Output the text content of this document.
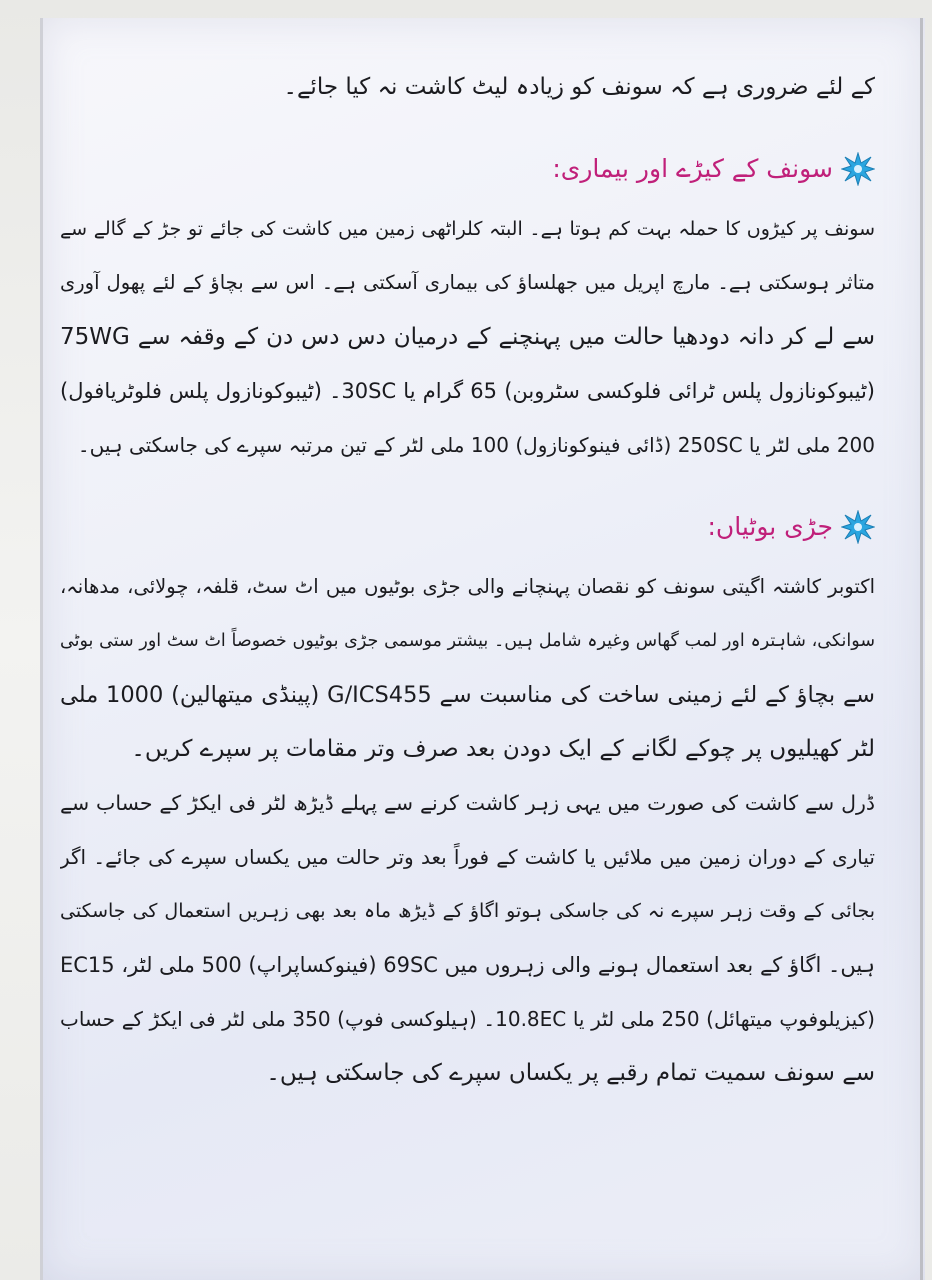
کے لئے ضروری ہے کہ سونف کو زیادہ لیٹ کاشت نہ کیا جائے۔
سونف کے کیڑے اور بیماری:
سونف پر کیڑوں کا حملہ بہت کم ہوتا ہے۔ البتہ کلراٹھی زمین میں کاشت کی جائے تو جڑ کے گالے سے
متاثر ہوسکتی ہے۔ مارچ اپریل میں جھلساؤ کی بیماری آسکتی ہے۔ اس سے بچاؤ کے لئے پھول آوری
سے لے کر دانہ دودھیا حالت میں پہنچنے کے درمیان دس دس دن کے وقفہ سے 75WG
(ٹیبوکونازول پلس ٹرائی فلوکسی سٹروبن) 65 گرام یا 30SC۔ (ٹیبوکونازول پلس فلوٹریافول)
200 ملی لٹر یا 250SC (ڈائی فینوکونازول) 100 ملی لٹر کے تین مرتبہ سپرے کی جاسکتی ہیں۔
جڑی بوٹیاں:
اکتوبر کاشتہ اگیتی سونف کو نقصان پہنچانے والی جڑی بوٹیوں میں اٹ سٹ، قلفہ، چولائی، مدھانہ،
سوانکی، شاہترہ اور لمب گھاس وغیرہ شامل ہیں۔ بیشتر موسمی جڑی بوٹیوں خصوصاً اٹ سٹ اور ستی بوٹی
سے بچاؤ کے لئے زمینی ساخت کی مناسبت سے G/ICS455 (پینڈی میتھالین) 1000 ملی
لٹر کھیلیوں پر چوکے لگانے کے ایک دودن بعد صرف وتر مقامات پر سپرے کریں۔
ڈرل سے کاشت کی صورت میں یہی زہر کاشت کرنے سے پہلے ڈیڑھ لٹر فی ایکڑ کے حساب سے
تیاری کے دوران زمین میں ملائیں یا کاشت کے فوراً بعد وتر حالت میں یکساں سپرے کی جائے۔ اگر
بجائی کے وقت زہر سپرے نہ کی جاسکی ہوتو اگاؤ کے ڈیڑھ ماہ بعد بھی زہریں استعمال کی جاسکتی
ہیں۔ اگاؤ کے بعد استعمال ہونے والی زہروں میں 69SC (فینوکساپراپ) 500 ملی لٹر، EC15
(کیزیلوفوپ میتھائل) 250 ملی لٹر یا 10.8EC۔ (ہیلوکسی فوپ) 350 ملی لٹر فی ایکڑ کے حساب
سے سونف سمیت تمام رقبے پر یکساں سپرے کی جاسکتی ہیں۔
